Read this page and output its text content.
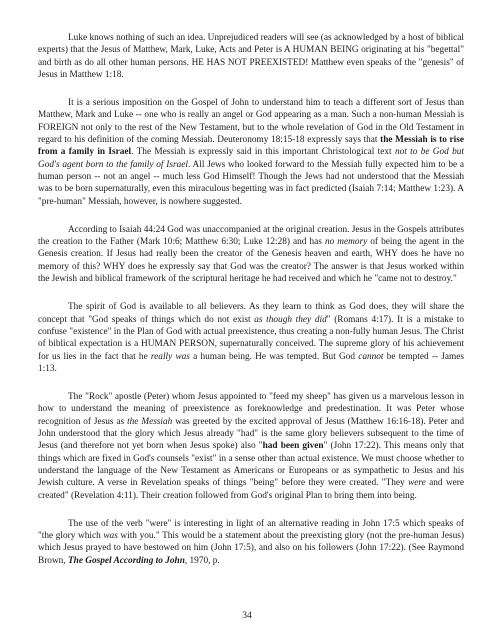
Luke knows nothing of such an idea. Unprejudiced readers will see (as acknowledged by a host of biblical experts) that the Jesus of Matthew, Mark, Luke, Acts and Peter is A HUMAN BEING originating at his "begettal" and birth as do all other human persons. HE HAS NOT PREEXISTED! Matthew even speaks of the "genesis" of Jesus in Matthew 1:18.

It is a serious imposition on the Gospel of John to understand him to teach a different sort of Jesus than Matthew, Mark and Luke -- one who is really an angel or God appearing as a man. Such a non-human Messiah is FOREIGN not only to the rest of the New Testament, but to the whole revelation of God in the Old Testament in regard to his definition of the coming Messiah. Deuteronomy 18:15-18 expressly says that the Messiah is to rise from a family in Israel. The Messiah is expressly said in this important Christological text not to be God but God's agent born to the family of Israel. All Jews who looked forward to the Messiah fully expected him to be a human person -- not an angel -- much less God Himself! Though the Jews had not understood that the Messiah was to be born supernaturally, even this miraculous begetting was in fact predicted (Isaiah 7:14; Matthew 1:23). A "pre-human" Messiah, however, is nowhere suggested.

According to Isaiah 44:24 God was unaccompanied at the original creation. Jesus in the Gospels attributes the creation to the Father (Mark 10:6; Matthew 6:30; Luke 12:28) and has no memory of being the agent in the Genesis creation. If Jesus had really been the creator of the Genesis heaven and earth, WHY does he have no memory of this? WHY does he expressly say that God was the creator? The answer is that Jesus worked within the Jewish and biblical framework of the scriptural heritage he had received and which he "came not to destroy."

The spirit of God is available to all believers. As they learn to think as God does, they will share the concept that "God speaks of things which do not exist as though they did" (Romans 4:17). It is a mistake to confuse "existence" in the Plan of God with actual preexistence, thus creating a non-fully human Jesus. The Christ of biblical expectation is a HUMAN PERSON, supernaturally conceived. The supreme glory of his achievement for us lies in the fact that he really was a human being. He was tempted. But God cannot be tempted -- James 1:13.

The "Rock" apostle (Peter) whom Jesus appointed to "feed my sheep" has given us a marvelous lesson in how to understand the meaning of preexistence as foreknowledge and predestination. It was Peter whose recognition of Jesus as the Messiah was greeted by the excited approval of Jesus (Matthew 16:16-18). Peter and John understood that the glory which Jesus already "had" is the same glory believers subsequent to the time of Jesus (and therefore not yet born when Jesus spoke) also "had been given" (John 17:22). This means only that things which are fixed in God's counsels "exist" in a sense other than actual existence. We must choose whether to understand the language of the New Testament as Americans or Europeans or as sympathetic to Jesus and his Jewish culture. A verse in Revelation speaks of things "being" before they were created. "They were and were created" (Revelation 4:11). Their creation followed from God's original Plan to bring them into being.

The use of the verb "were" is interesting in light of an alternative reading in John 17:5 which speaks of "the glory which was with you." This would be a statement about the preexisting glory (not the pre-human Jesus) which Jesus prayed to have bestowed on him (John 17:5), and also on his followers (John 17:22). (See Raymond Brown, The Gospel According to John, 1970, p.

34
